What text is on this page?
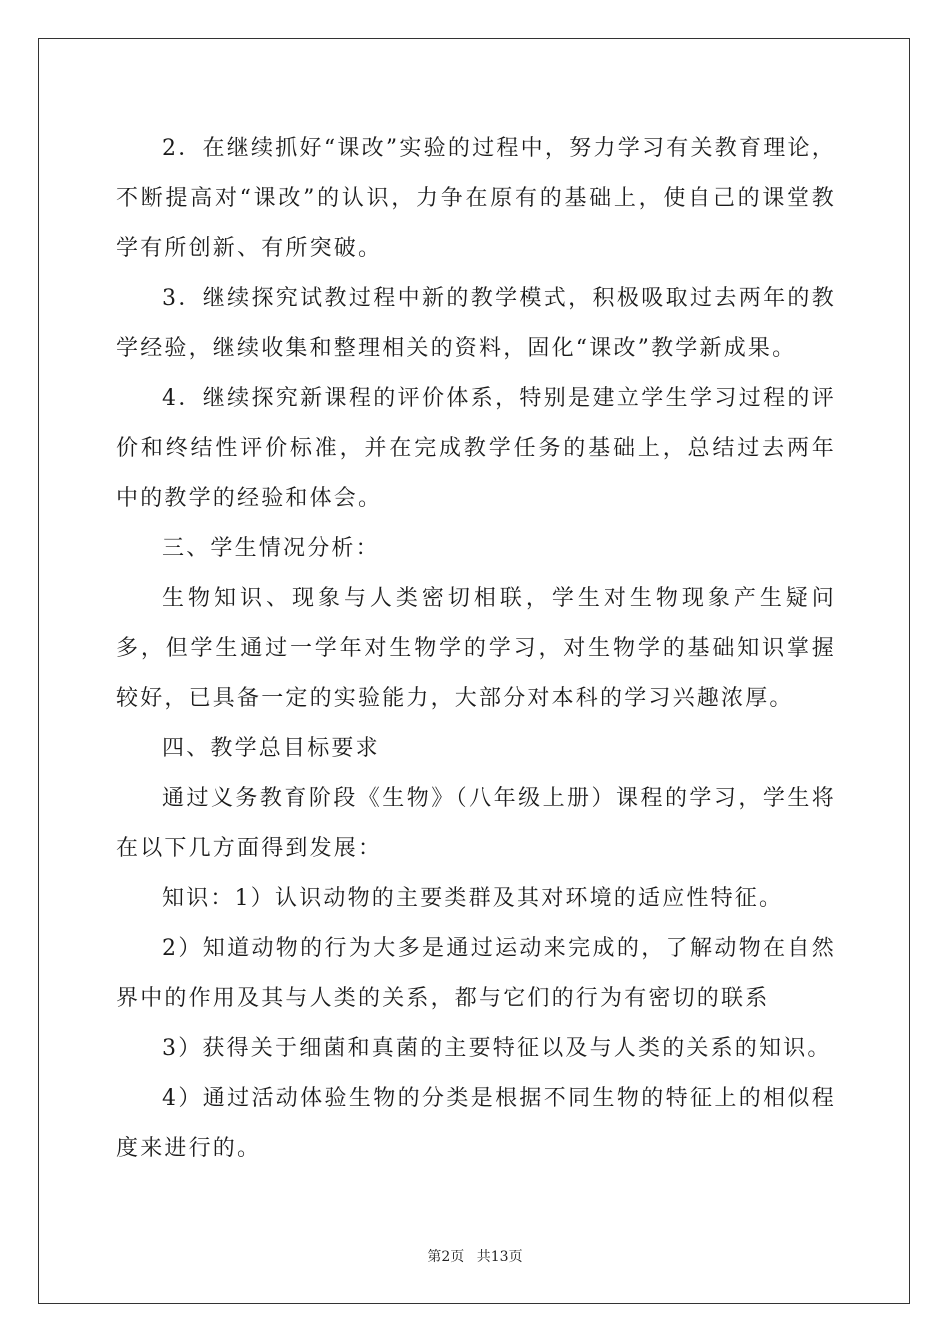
2．在继续抓好“课改”实验的过程中，努力学习有关教育理论，不断提高对“课改”的认识，力争在原有的基础上，使自己的课堂教学有所创新、有所突破。

3．继续探究试教过程中新的教学模式，积极吸取过去两年的教学经验，继续收集和整理相关的资料，固化“课改”教学新成果。

4．继续探究新课程的评价体系，特别是建立学生学习过程的评价和终结性评价标准，并在完成教学任务的基础上，总结过去两年中的教学的经验和体会。

三、学生情况分析：

生物知识、现象与人类密切相联，学生对生物现象产生疑问多，但学生通过一学年对生物学的学习，对生物学的基础知识掌握较好，已具备一定的实验能力，大部分对本科的学习兴趣浓厚。

四、教学总目标要求

通过义务教育阶段《生物》（八年级上册）课程的学习，学生将在以下几方面得到发展：

知识：1）认识动物的主要类群及其对环境的适应性特征。

2）知道动物的行为大多是通过运动来完成的，了解动物在自然界中的作用及其与人类的关系，都与它们的行为有密切的联系

3）获得关于细菌和真菌的主要特征以及与人类的关系的知识。

4）通过活动体验生物的分类是根据不同生物的特征上的相似程度来进行的。

第2页 共13页
